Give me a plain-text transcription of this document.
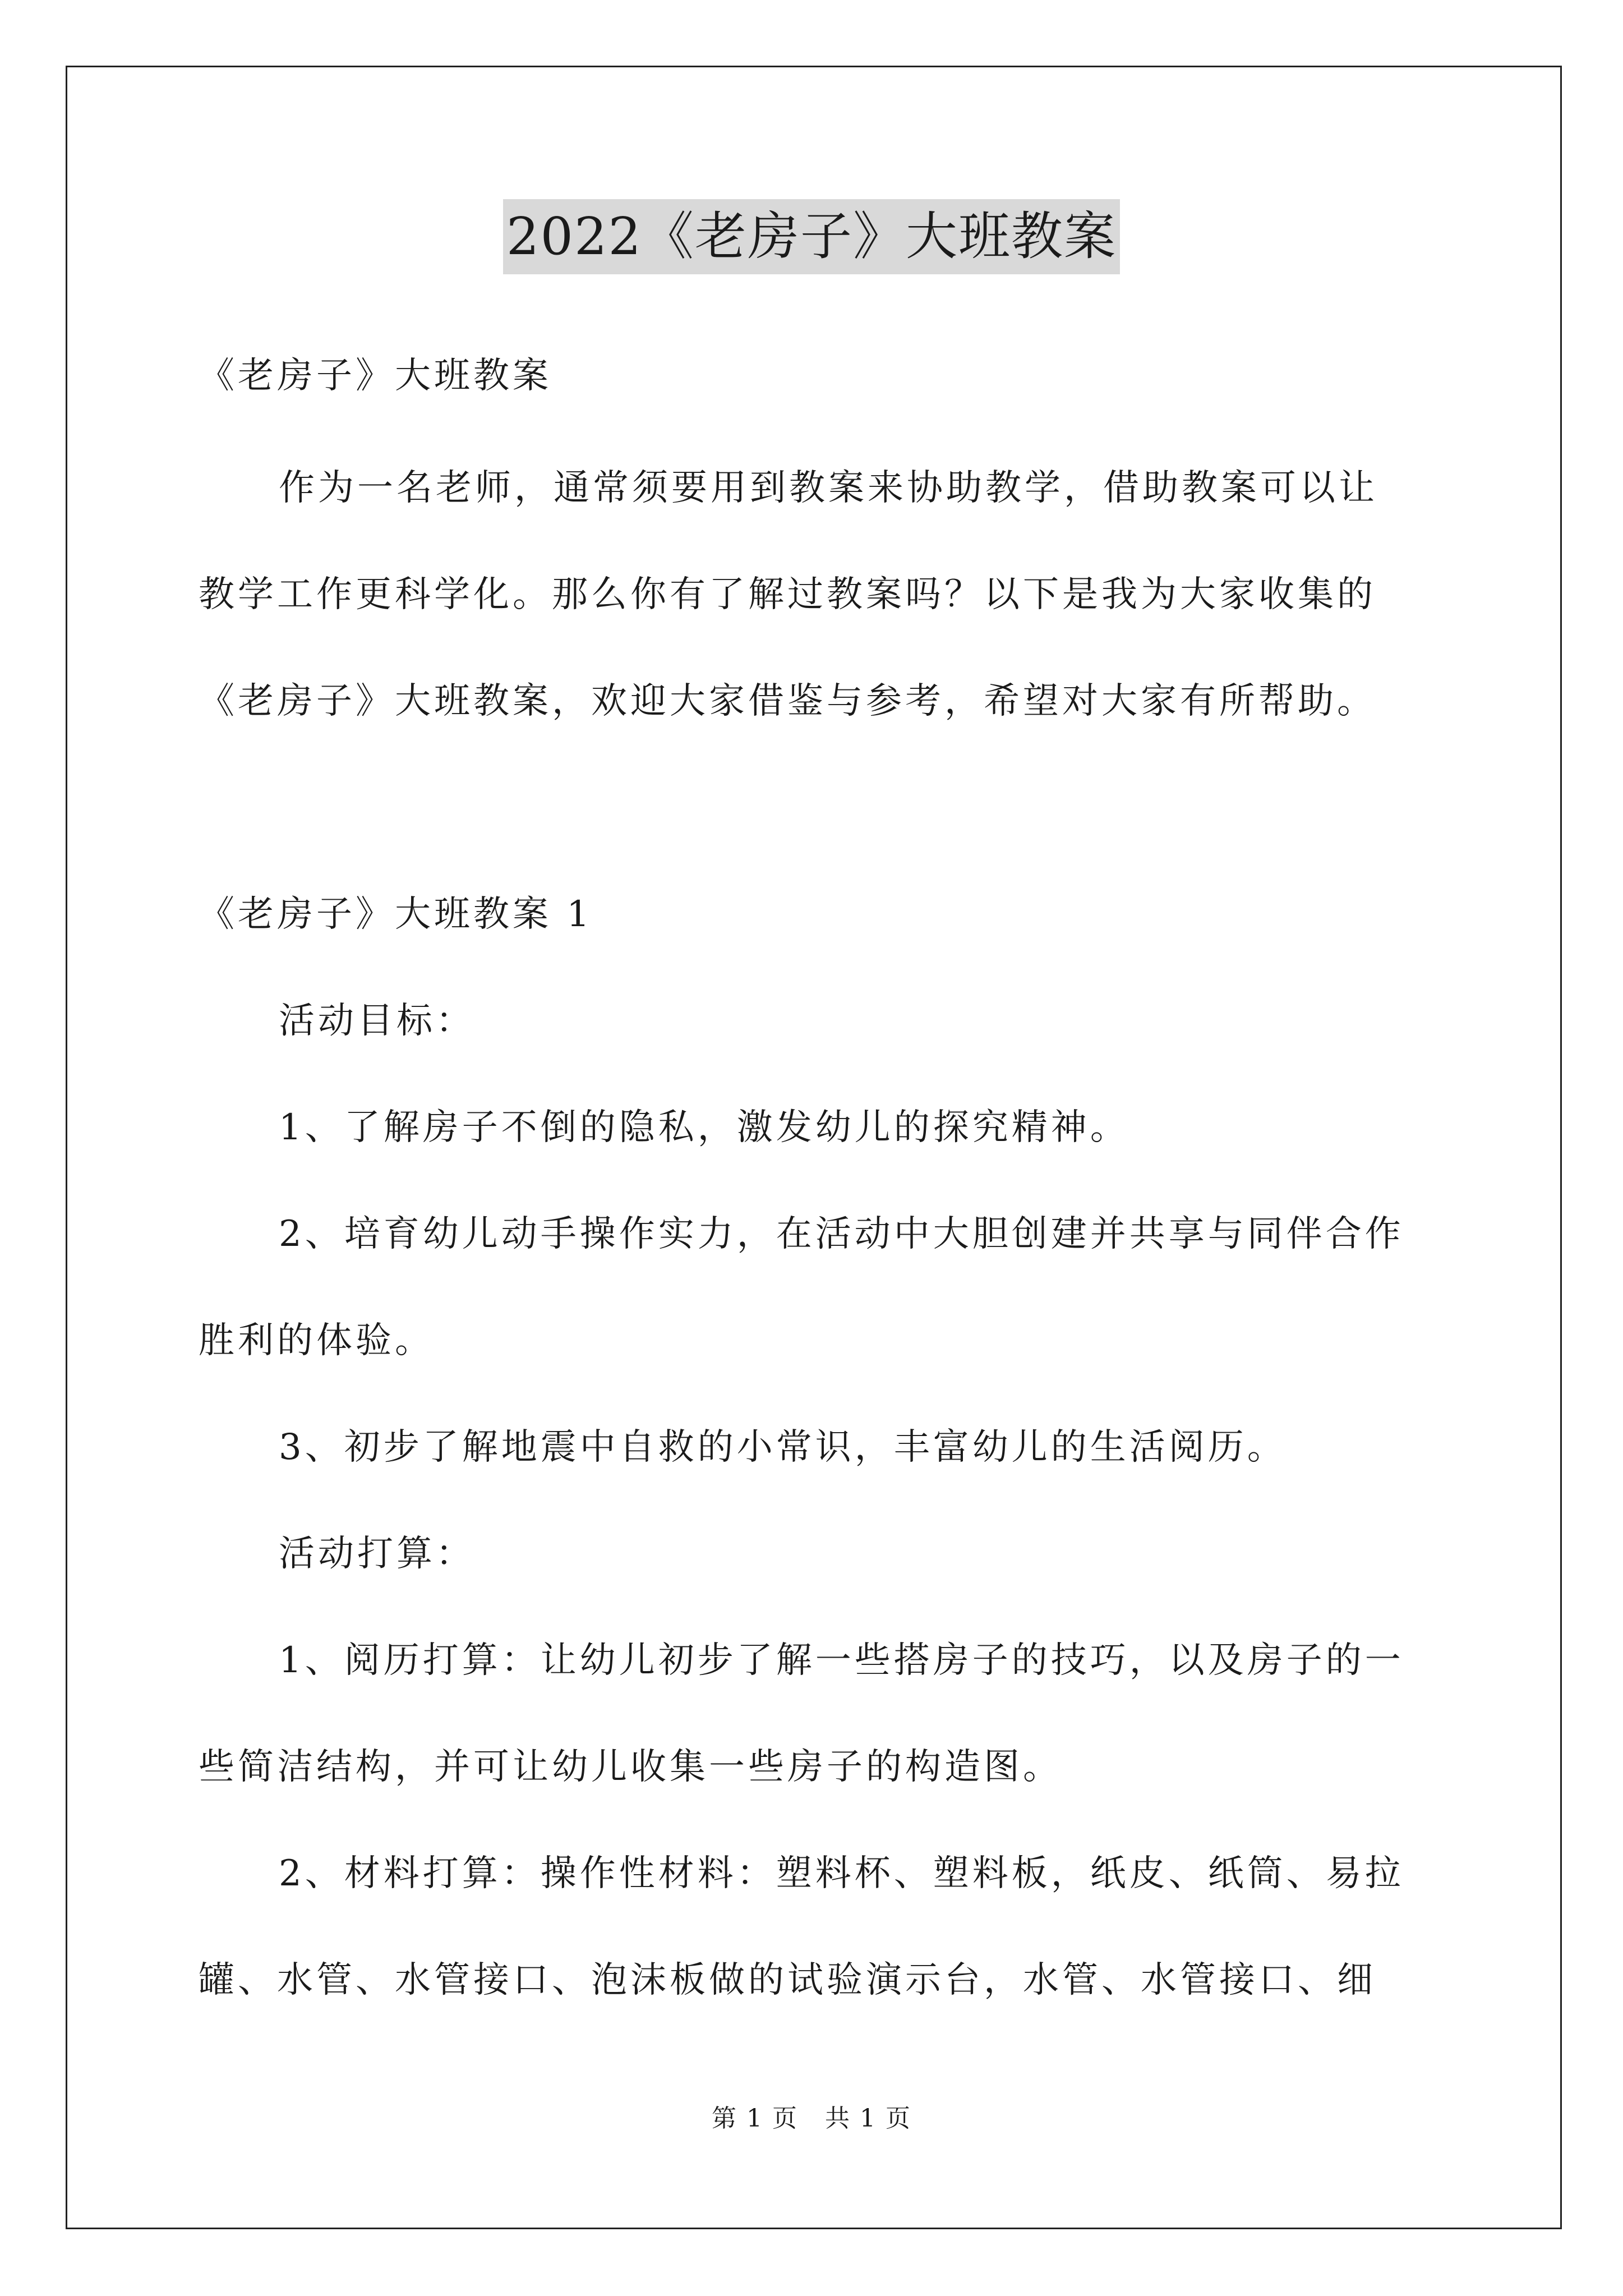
2022《老房子》大班教案
《老房子》大班教案
作为一名老师，通常须要用到教案来协助教学，借助教案可以让
教学工作更科学化。那么你有了解过教案吗？以下是我为大家收集的
《老房子》大班教案，欢迎大家借鉴与参考，希望对大家有所帮助。
《老房子》大班教案 1
活动目标：
1、了解房子不倒的隐私，激发幼儿的探究精神。
2、培育幼儿动手操作实力，在活动中大胆创建并共享与同伴合作
胜利的体验。
3、初步了解地震中自救的小常识，丰富幼儿的生活阅历。
活动打算：
1、阅历打算：让幼儿初步了解一些搭房子的技巧，以及房子的一
些简洁结构，并可让幼儿收集一些房子的构造图。
2、材料打算：操作性材料：塑料杯、塑料板，纸皮、纸筒、易拉
罐、水管、水管接口、泡沫板做的试验演示台，水管、水管接口、细
第 1 页   共 1 页
